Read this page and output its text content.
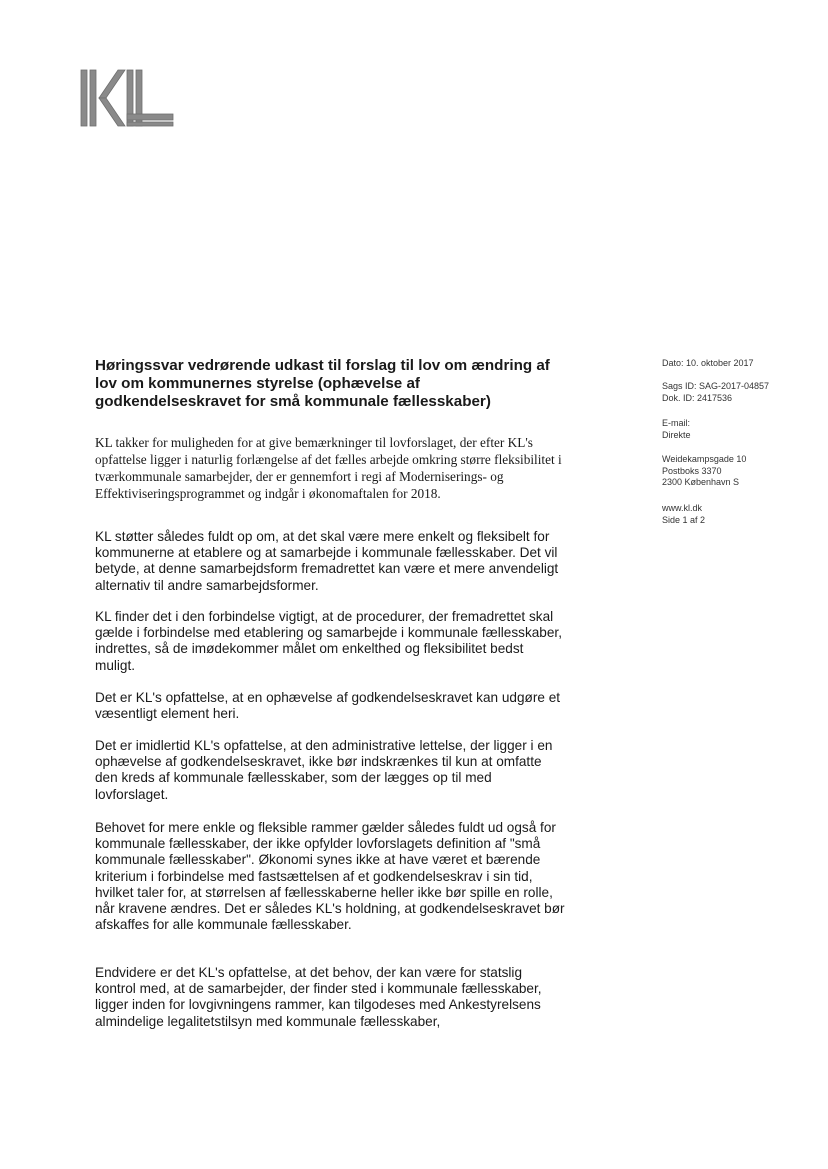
Høringssvar vedrørende udkast til forslag til lov om ændring af lov om kommunernes styrelse (ophævelse af godkendelseskravet for små kommunale fællesskaber)

KL takker for muligheden for at give bemærkninger til lovforslaget, der efter KL's opfattelse ligger i naturlig forlængelse af det fælles arbejde omkring større fleksibilitet i tværkommunale samarbejder, der er gennemfort i regi af Moderniserings- og Effektiviseringsprogrammet og indgår i økonomaftalen for 2018.

KL støtter således fuldt op om, at det skal være mere enkelt og fleksibelt for kommunerne at etablere og at samarbejde i kommunale fællesskaber. Det vil betyde, at denne samarbejdsform fremadrettet kan være et mere anvendeligt alternativ til andre samarbejdsformer.

KL finder det i den forbindelse vigtigt, at de procedurer, der fremadrettet skal gælde i forbindelse med etablering og samarbejde i kommunale fællesskaber, indrettes, så de imødekommer målet om enkelthed og fleksibilitet bedst muligt.

Det er KL's opfattelse, at en ophævelse af godkendelseskravet kan udgøre et væsentligt element heri.

Det er imidlertid KL's opfattelse, at den administrative lettelse, der ligger i en ophævelse af godkendelseskravet, ikke bør indskrænkes til kun at omfatte den kreds af kommunale fællesskaber, som der lægges op til med lovforslaget.

Behovet for mere enkle og fleksible rammer gælder således fuldt ud også for kommunale fællesskaber, der ikke opfylder lovforslagets definition af "små kommunale fællesskaber". Økonomi synes ikke at have været et bærende kriterium i forbindelse med fastsættelsen af et godkendelseskrav i sin tid, hvilket taler for, at størrelsen af fællesskaberne heller ikke bør spille en rolle, når kravene ændres. Det er således KL's holdning, at godkendelseskravet bør afskaffes for alle kommunale fællesskaber.

Endvidere er det KL's opfattelse, at det behov, der kan være for statslig kontrol med, at de samarbejder, der finder sted i kommunale fællesskaber, ligger inden for lovgivningens rammer, kan tilgodeses med Ankestyrelsens almindelige legalitetstilsyn med kommunale fællesskaber,

Dato: 10. oktober 2017
Sags ID: SAG-2017-04857
Dok. ID: 2417536
E-mail:
Direkte
Weidekampsgade 10
Postboks 3370
2300 København S
www.kl.dk
Side 1 af 2
